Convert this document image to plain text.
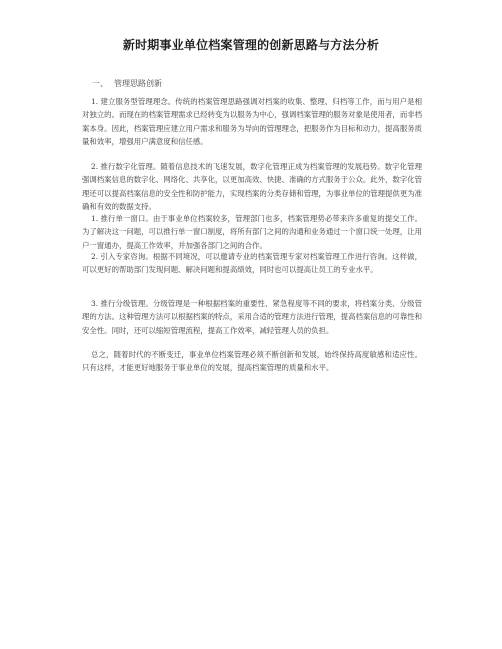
新时期事业单位档案管理的创新思路与方法分析
一、 管理思路创新
1. 建立服务型管理理念。传统的档案管理思路强调对档案的收集、整理、归档等工作，而与用户是相对独立的。而现在的档案管理需求已经转变为以服务为中心，强调档案管理的服务对象是使用者，而非档案本身。因此，档案管理应建立用户需求和服务为导向的管理理念，把服务作为目标和动力，提高服务质量和效率，增强用户满意度和信任感。
2. 推行数字化管理。随着信息技术的飞速发展，数字化管理正成为档案管理的发展趋势。数字化管理强调档案信息的数字化、网络化、共享化，以更加高效、快捷、准确的方式服务于公众。此外，数字化管理还可以提高档案信息的安全性和防护能力，实现档案的分类存储和管理，为事业单位的管理提供更为准确和有效的数据支持。
1. 推行单一窗口。由于事业单位档案较多，管理部门也多，档案管理势必带来许多重复的提交工作。为了解决这一问题，可以推行单一窗口制度，将所有部门之间的沟通和业务通过一个窗口统一处理，让用户一窗通办，提高工作效率，并加强各部门之间的合作。
2. 引入专家咨询。根据不同境况，可以邀请专业的档案管理专家对档案管理工作进行咨询。这样做，可以更好的帮助部门发现问题、解决问题和提高绩效，同时也可以提高让员工的专业水平。
3. 推行分级管理。分级管理是一种根据档案的重要性、紧急程度等不同的要求，将档案分类、分级管理的方法。这种管理方法可以根据档案的特点，采用合适的管理方法进行管理，提高档案信息的可靠性和安全性。同时，还可以缩短管理流程，提高工作效率，减轻管理人员的负担。
总之，随着时代的不断变迁，事业单位档案管理必须不断创新和发展，始终保持高度敏感和适应性。只有这样，才能更好地服务于事业单位的发展，提高档案管理的质量和水平。
